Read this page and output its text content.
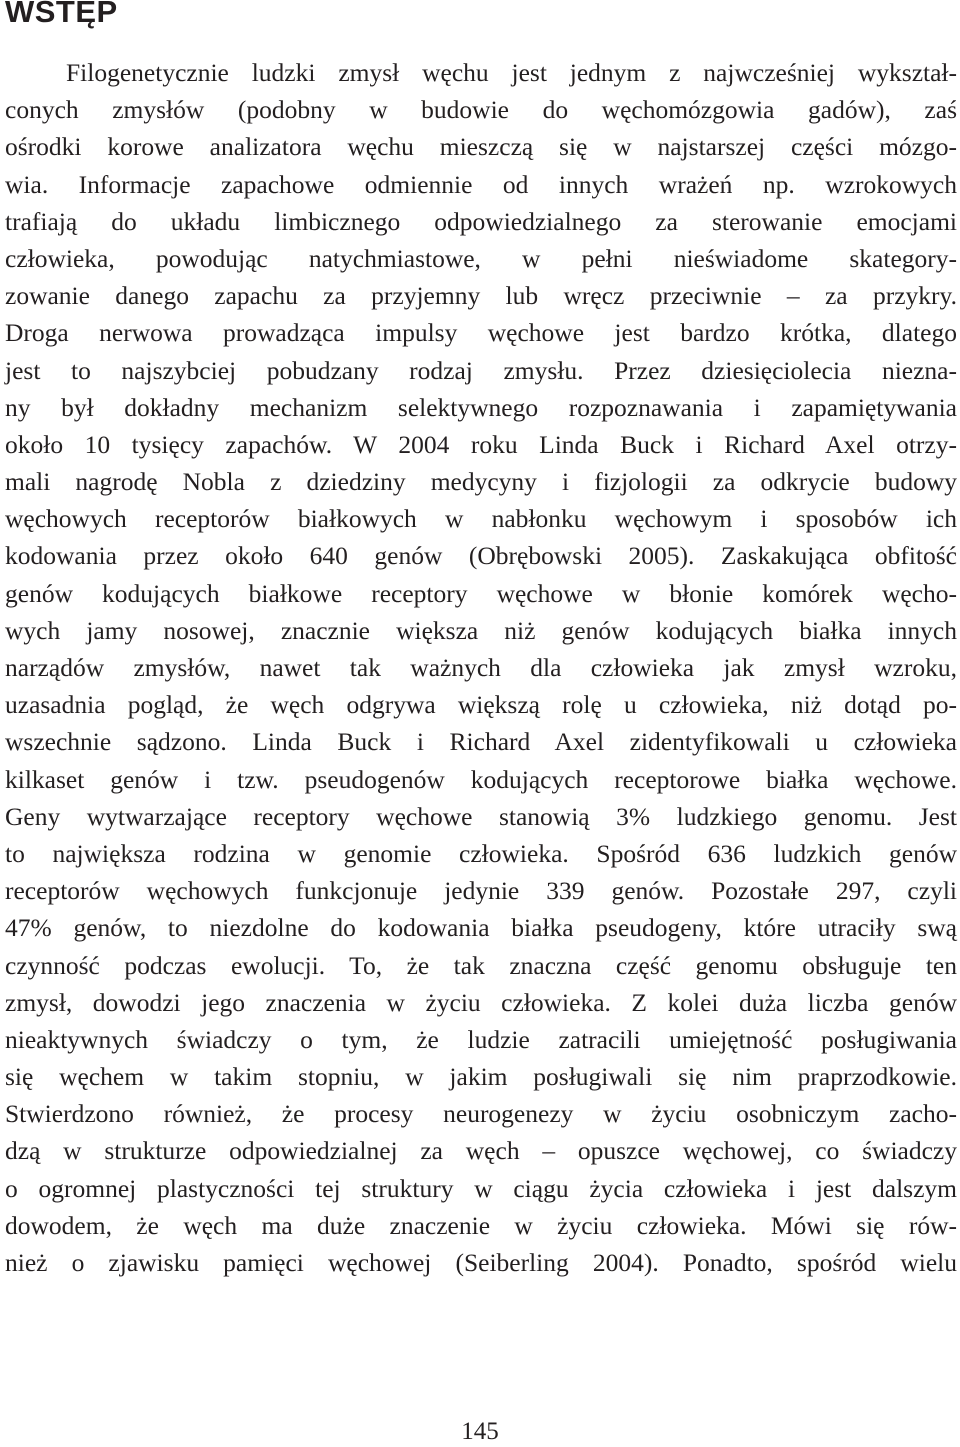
WSTĘP
Filogenetycznie ludzki zmysł węchu jest jednym z najwcześniej wykształ-
conych zmysłów (podobny w budowie do węchomózgowia gadów), zaś
ośrodki korowe analizatora węchu mieszczą się w najstarszej części mózgo-
wia. Informacje zapachowe odmiennie od innych wrażeń np. wzrokowych
trafiają do układu limbicznego odpowiedzialnego za sterowanie emocjami
człowieka, powodując natychmiastowe, w pełni nieświadome skategory-
zowanie danego zapachu za przyjemny lub wręcz przeciwnie – za przykry.
Droga nerwowa prowadząca impulsy węchowe jest bardzo krótka, dlatego
jest to najszybciej pobudzany rodzaj zmysłu. Przez dziesięciolecia niezna-
ny był dokładny mechanizm selektywnego rozpoznawania i zapamiętywania
około 10 tysięcy zapachów. W 2004 roku Linda Buck i Richard Axel otrzy-
mali nagrodę Nobla z dziedziny medycyny i fizjologii za odkrycie budowy
węchowych receptorów białkowych w nabłonku węchowym i sposobów ich
kodowania przez około 640 genów (Obrębowski 2005). Zaskakująca obfitość
genów kodujących białkowe receptory węchowe w błonie komórek węcho-
wych jamy nosowej, znacznie większa niż genów kodujących białka innych
narządów zmysłów, nawet tak ważnych dla człowieka jak zmysł wzroku,
uzasadnia pogląd, że węch odgrywa większą rolę u człowieka, niż dotąd po-
wszechnie sądzono. Linda Buck i Richard Axel zidentyfikowali u człowieka
kilkaset genów i tzw. pseudogenów kodujących receptorowe białka węchowe.
Geny wytwarzające receptory węchowe stanowią 3% ludzkiego genomu. Jest
to największa rodzina w genomie człowieka. Spośród 636 ludzkich genów
receptorów węchowych funkcjonuje jedynie 339 genów. Pozostałe 297, czyli
47% genów, to niezdolne do kodowania białka pseudogeny, które utraciły swą
czynność podczas ewolucji. To, że tak znaczna część genomu obsługuje ten
zmysł, dowodzi jego znaczenia w życiu człowieka. Z kolei duża liczba genów
nieaktywnych świadczy o tym, że ludzie zatracili umiejętność posługiwania
się węchem w takim stopniu, w jakim posługiwali się nim praprzodkowie.
Stwierdzono również, że procesy neurogenezy w życiu osobniczym zacho-
dzą w strukturze odpowiedzialnej za węch – opuszce węchowej, co świadczy
o ogromnej plastyczności tej struktury w ciągu życia człowieka i jest dalszym
dowodem, że węch ma duże znaczenie w życiu człowieka. Mówi się rów-
nież o zjawisku pamięci węchowej (Seiberling 2004). Ponadto, spośród wielu
145
